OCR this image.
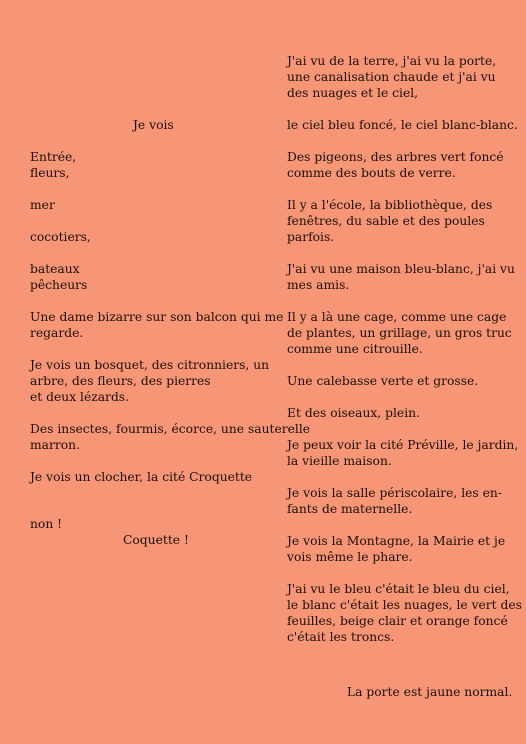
Je vois
Entrée,
fleurs,
mer
cocotiers,
bateaux
pêcheurs
Une dame bizarre sur son balcon qui me
regarde.
Je vois un bosquet, des citronniers, un
arbre, des fleurs, des pierres
et deux lézards.
Des insectes, fourmis, écorce, une sauterelle
marron.
Je vois un clocher, la cité Croquette
non !
Coquette !
J'ai vu de la terre, j'ai vu la porte,
une canalisation chaude et j'ai vu
des nuages et le ciel,
le ciel bleu foncé, le ciel blanc-blanc.
Des pigeons, des arbres vert foncé
comme des bouts de verre.
Il y a l'école, la bibliothèque, des
fenêtres, du sable et des poules
parfois.
J'ai vu une maison bleu-blanc, j'ai vu
mes amis.
Il y a là une cage, comme une cage
de plantes, un grillage, un gros truc
comme une citrouille.
Une calebasse verte et grosse.
Et des oiseaux, plein.
Je peux voir la cité Préville, le jardin,
la vieille maison.
Je vois la salle périscolaire, les en-
fants de maternelle.
Je vois la Montagne, la Mairie et je
vois même le phare.
J'ai vu le bleu c'était le bleu du ciel,
le blanc c'était les nuages, le vert des
feuilles, beige clair et orange foncé
c'était les troncs.
La porte est jaune normal.
